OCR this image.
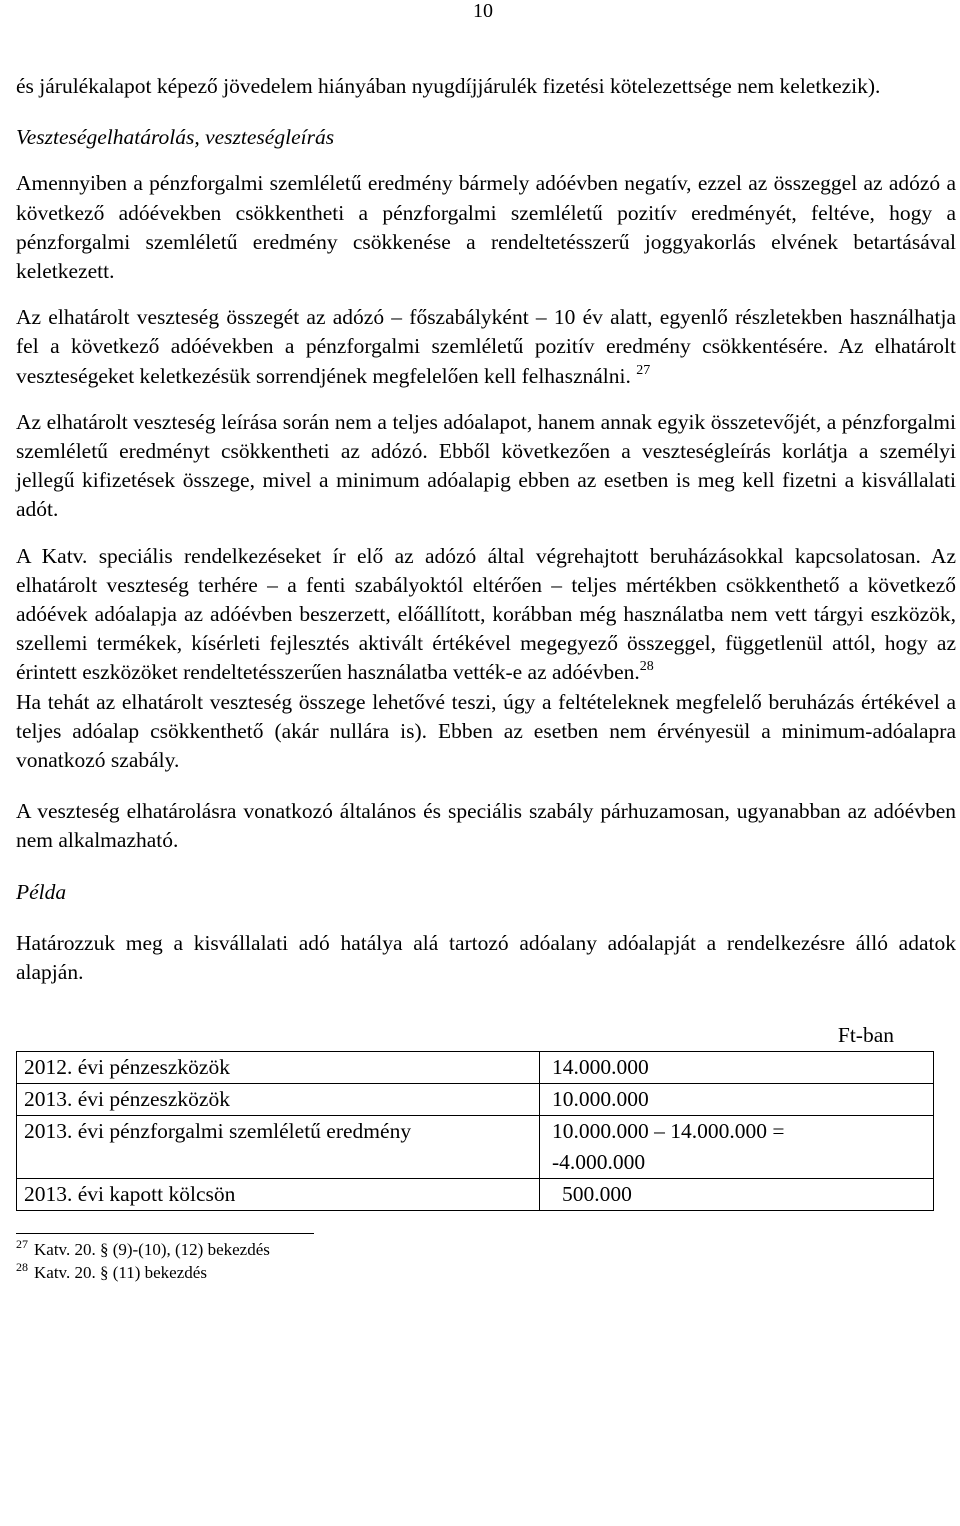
10

és járulékalapot képező jövedelem hiányában nyugdíjjárulék fizetési kötelezettsége nem keletkezik).

Veszteségelhatárolás, veszteségleírás

Amennyiben a pénzforgalmi szemléletű eredmény bármely adóévben negatív, ezzel az összeggel az adózó a következő adóévekben csökkentheti a pénzforgalmi szemléletű pozitív eredményét, feltéve, hogy a pénzforgalmi szemléletű eredmény csökkenése a rendeltetésszerű joggyakorlás elvének betartásával keletkezett.

Az elhatárolt veszteség összegét az adózó – főszabályként – 10 év alatt, egyenlő részletekben használhatja fel a következő adóévekben a pénzforgalmi szemléletű pozitív eredmény csökkentésére. Az elhatárolt veszteségeket keletkezésük sorrendjének megfelelően kell felhasználni. $^{27}$

Az elhatárolt veszteség leírása során nem a teljes adóalapot, hanem annak egyik összetevőjét, a pénzforgalmi szemléletű eredményt csökkentheti az adózó. Ebből következően a veszteségleírás korlátja a személyi jellegű kifizetések összege, mivel a minimum adóalapig ebben az esetben is meg kell fizetni a kisvállalati adót.

A Katv. speciális rendelkezéseket ír elő az adózó által végrehajtott beruházásokkal kapcsolatosan. Az elhatárolt veszteség terhére – a fenti szabályoktól eltérően – teljes mértékben csökkenthető a következő adóévek adóalapja az adóévben beszerzett, előállított, korábban még használatba nem vett tárgyi eszközök, szellemi termékek, kísérleti fejlesztés aktivált értékével megegyező összeggel, függetlenül attól, hogy az érintett eszközöket rendeltetésszerűen használatba vették-e az adóévben.$^{28}$

Ha tehát az elhatárolt veszteség összege lehetővé teszi, úgy a feltételeknek megfelelő beruházás értékével a teljes adóalap csökkenthető (akár nullára is). Ebben az esetben nem érvényesül a minimum-adóalapra vonatkozó szabály.

A veszteség elhatárolásra vonatkozó általános és speciális szabály párhuzamosan, ugyanabban az adóévben nem alkalmazható.

Példa

Határozzuk meg a kisvállalati adó hatálya alá tartozó adóalany adóalapját a rendelkezésre álló adatok alapján.

Ft-ban
2012. évi pénzeszközök	14.000.000
2013. évi pénzeszközök	10.000.000
2013. évi pénzforgalmi szemléletű eredmény	10.000.000 – 14.000.000 =
-4.000.000

2013. évi kapott kölcsön	500.000
$^{27}$ Katv. 20. § (9)-(10), (12) bekezdés
$^{28}$ Katv. 20. § (11) bekezdés
